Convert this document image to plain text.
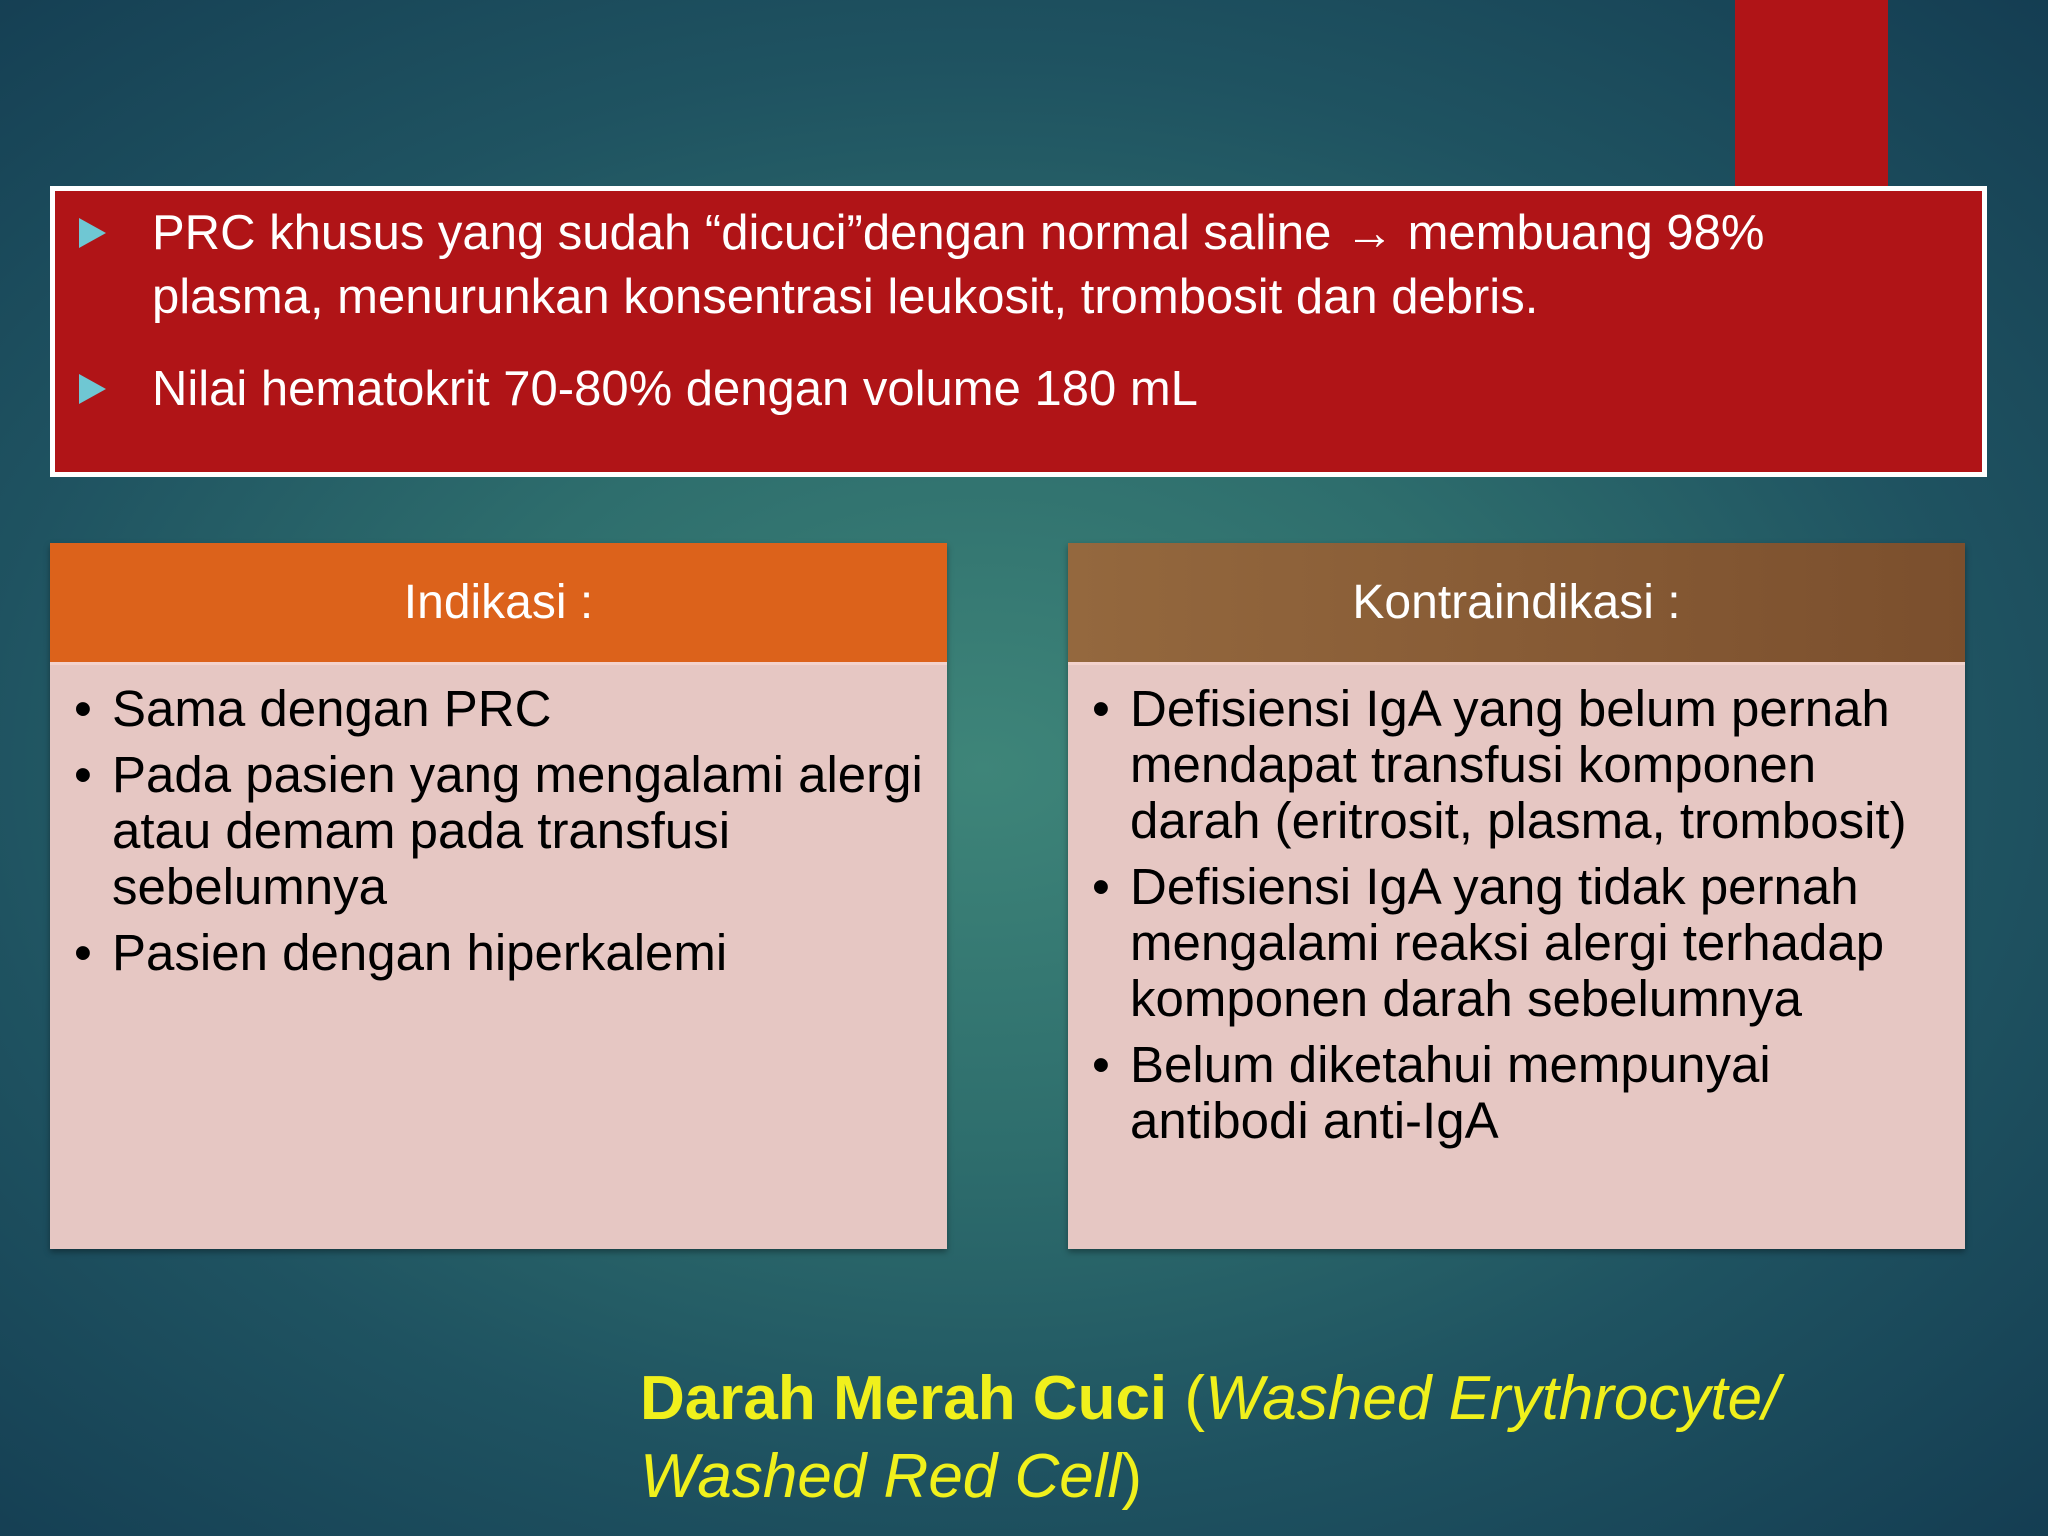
PRC khusus yang sudah “dicuci”dengan normal saline → membuang 98% plasma, menurunkan konsentrasi leukosit, trombosit dan debris.
Nilai hematokrit 70-80% dengan volume 180 mL
Indikasi :
• Sama dengan PRC
• Pada pasien yang mengalami alergi atau demam pada transfusi sebelumnya
• Pasien dengan hiperkalemi
Kontraindikasi :
• Defisiensi IgA yang belum pernah mendapat transfusi komponen darah (eritrosit, plasma, trombosit)
• Defisiensi IgA yang tidak pernah mengalami reaksi alergi terhadap komponen darah sebelumnya
• Belum diketahui mempunyai antibodi anti-IgA
Darah Merah Cuci (Washed Erythrocyte/ Washed Red Cell)
